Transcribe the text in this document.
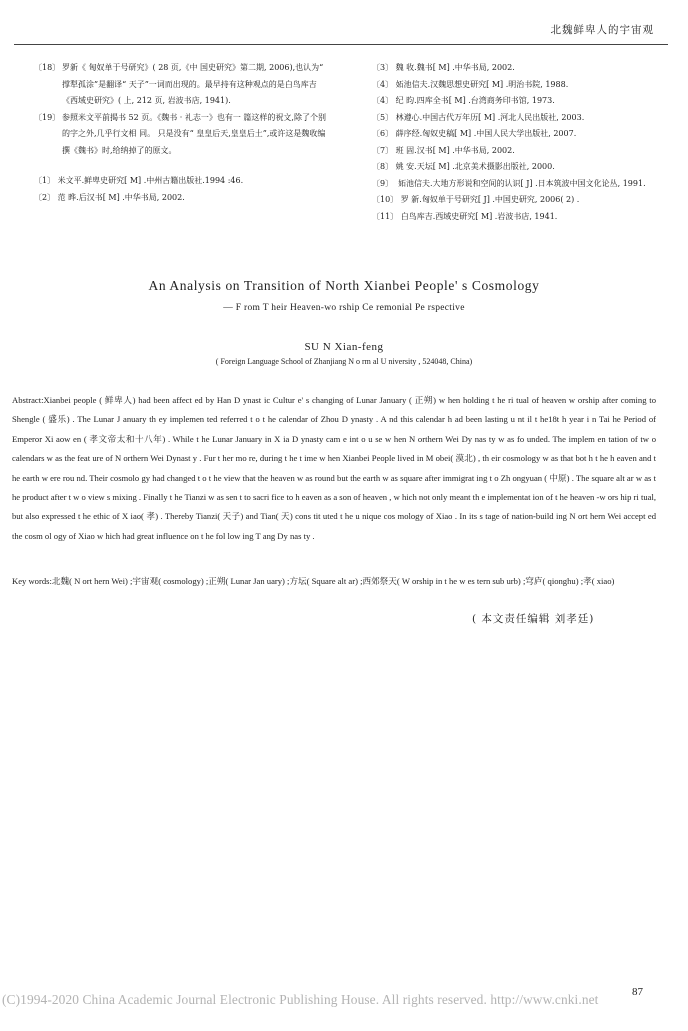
北魏鲜卑人的宇宙观
〔18〕 罗新《 匈奴单于号研究》( 28 页,《中 国史研究》第二期, 2006),也认为“ 撑犁孤涂”是翻译“ 天子”一词而出现的。最早持有这种观点的是白鸟库吉《西域史研究》( 上, 212 页, 岩波书店, 1941).
〔19〕 参照米文平前揭书 52 页。《魏书 · 礼志一》也有一 篇这样的祝文,除了个别的字之外,几乎行文相 同。 只是没有“ 皇皇后天,皇皇后土”,或许这是魏收编撰《魏书》时,给纳掉了的原文。
〔1〕 米文平.鲜卑史研究[ M] .中州古籍出版社.1994 :46.
〔2〕 范 晔.后汉书[ M] .中华书局, 2002.
〔3〕 魏 收.魏书[ M] .中华书局, 2002.
〔4〕 妬池信夫.汉魏思想史研究[ M] .明治书院, 1988.
〔4〕 纪 昀.四库全书[ M] .台湾商务印书馆, 1973.
〔5〕 林遵心.中国古代万年历[ M] .河北人民出版社, 2003.
〔6〕 薛序经.匈奴史稿[ M] .中国人民大学出版社, 2007.
〔7〕 班 固.汉书[ M] .中华书局, 2002.
〔8〕 姚 安.天坛[ M] .北京美术摄影出版社, 2000.
〔9〕 妬池信夫.大地方形说和空间的认识[ J] .日本筑波中国文化论丛, 1991.
〔10〕 罗 新.匈奴单于号研究[ J] .中国史研究, 2006( 2) .
〔11〕 白鸟库吉.西域史研究[ M] .岩波书店, 1941.
An Analysis on Transition of North Xianbei People' s Cosmology
— F rom T heir Heaven-wo rship Ce remonial Pe rspective
SU N Xian-feng
( Foreign Language School of Zhanjiang N o rm al U niversity , 524048, China)
Abstract:Xianbei people ( 鲜卑人) had been affect ed by Han D ynast ic Cultur e' s changing of Lunar January ( 正朔) w hen holding t he ri tual of heaven w orship after coming to Shengle ( 盛乐) . The Lunar J anuary th ey implemen ted referred t o t he calendar of Zhou D ynasty . A nd this calendar h ad been lasting u nt il t he18t h year i n Tai he Period of Emperor Xi aow en ( 孝文帝太和十八年) . While t he Lunar January in X ia D ynasty cam e int o u se w hen N orthern Wei Dy nas ty w as fo unded. The implem en tation of tw o calendars w as the feat ure of N orthern Wei Dynast y . Fur t her mo re, during t he t ime w hen Xianbei People lived in M obei( 漠北) , th eir cosmology w as that bot h t he h eaven and t he earth w ere rou nd. Their cosmolo gy had changed t o t he view that the heaven w as round but the earth w as square after immigrat ing t o Zh ongyuan ( 中原) . The square alt ar w as t he product after t w o view s mixing . Finally t he Tianzi w as sen t to sacri fice to h eaven as a son of heaven , w hich not only meant th e implementat ion of t he heaven -w ors hip ri tual, but also expressed t he ethic of X iao( 孝) . Thereby Tianzi( 天子) and Tian( 天) cons tit uted t he u nique cos mology of Xiao . In its s tage of nation-build ing N ort hern Wei accept ed the cosm ol ogy of Xiao w hich had great influence on t he fol low ing T ang Dy nas ty .
Key words:北魏( N ort hern Wei) ;宇宙观( cosmology) ;正朔( Lunar Jan uary) ;方坛( Square alt ar) ;西郊祭天( W orship in t he w es tern sub urb) ;穹庐( qionghu) ;孝( xiao)
( 本文责任编辑 刘孝廷)
87
(C)1994-2020 China Academic Journal Electronic Publishing House. All rights reserved. http://www.cnki.net
